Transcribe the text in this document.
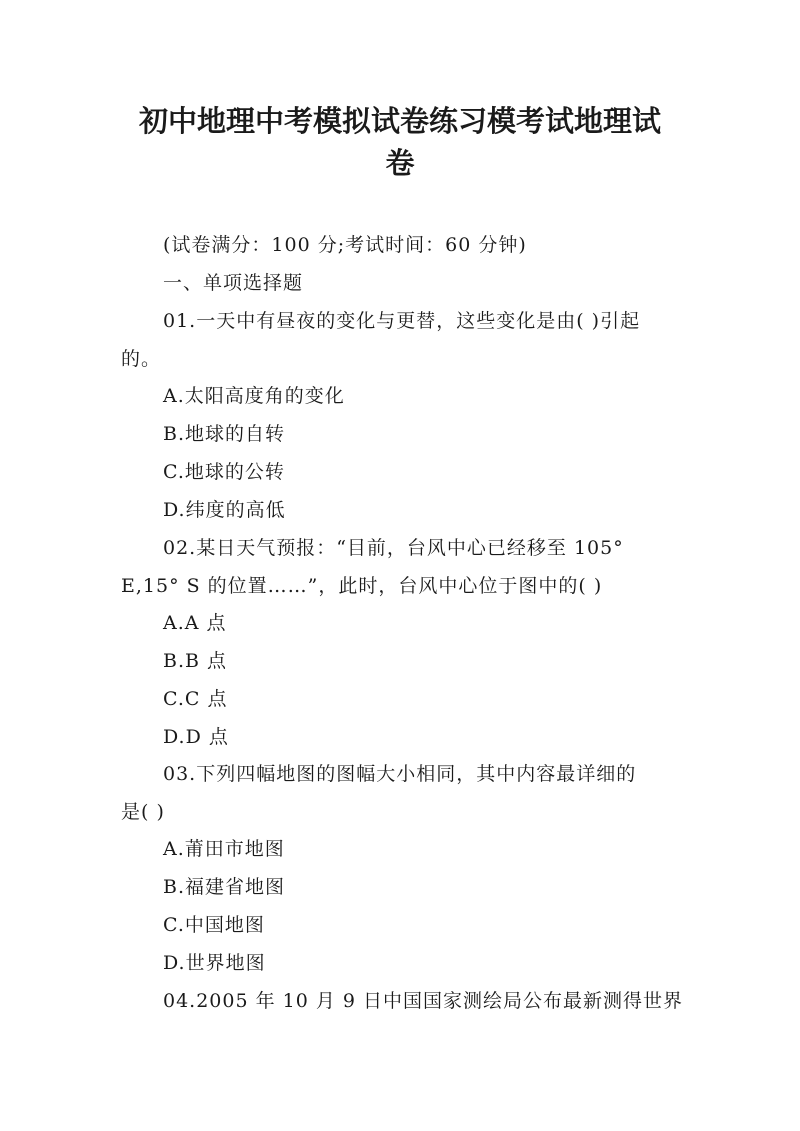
初中地理中考模拟试卷练习模考试地理试
卷
(试卷满分：100 分;考试时间：60 分钟)
一、单项选择题
01.一天中有昼夜的变化与更替，这些变化是由( )引起
的。
A.太阳高度角的变化
B.地球的自转
C.地球的公转
D.纬度的高低
02.某日天气预报：“目前，台风中心已经移至 105°
E,15° S 的位置……”，此时，台风中心位于图中的( )
A.A 点
B.B 点
C.C 点
D.D 点
03.下列四幅地图的图幅大小相同，其中内容最详细的
是( )
A.莆田市地图
B.福建省地图
C.中国地图
D.世界地图
04.2005 年 10 月 9 日中国国家测绘局公布最新测得世界
